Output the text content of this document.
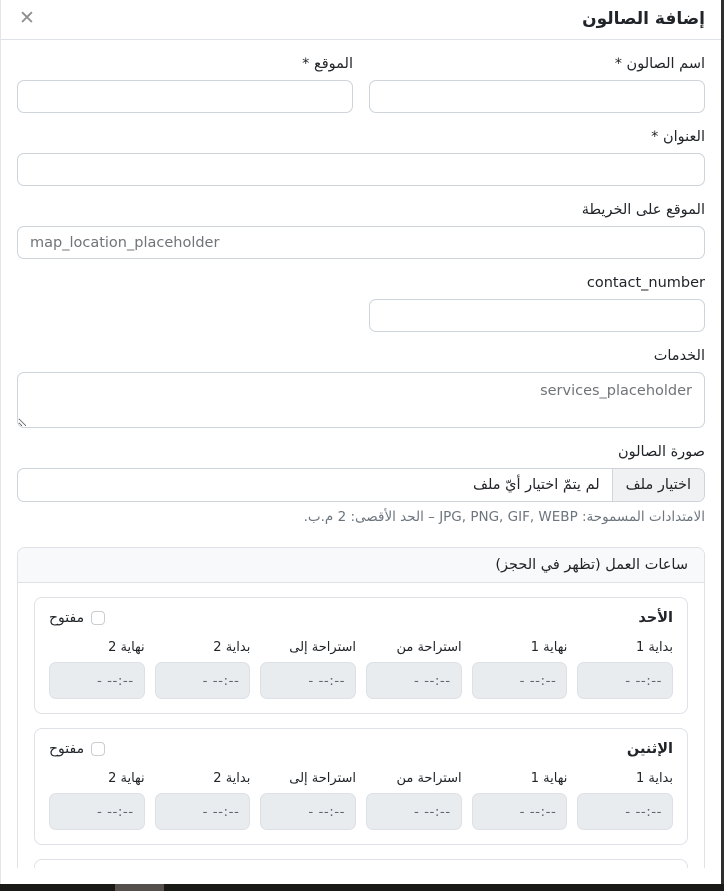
إضافة الصالون
✕
اسم الصالون *
الموقع *
العنوان *
الموقع على الخريطة
map_location_placeholder
contact_number
الخدمات
services_placeholder
صورة الصالون
اختيار ملف
لم يتمّ اختيار أيّ ملف
الامتدادات المسموحة: JPG, PNG, GIF, WEBP – الحد الأقصى: 2 م.ب.
ساعات العمل (تظهر في الحجز)
الأحد
مفتوح
بداية 1
- --:--
نهاية 1
- --:--
استراحة من
- --:--
استراحة إلى
- --:--
بداية 2
- --:--
نهاية 2
- --:--
الإثنين
مفتوح
بداية 1
- --:--
نهاية 1
- --:--
استراحة من
- --:--
استراحة إلى
- --:--
بداية 2
- --:--
نهاية 2
- --:--
